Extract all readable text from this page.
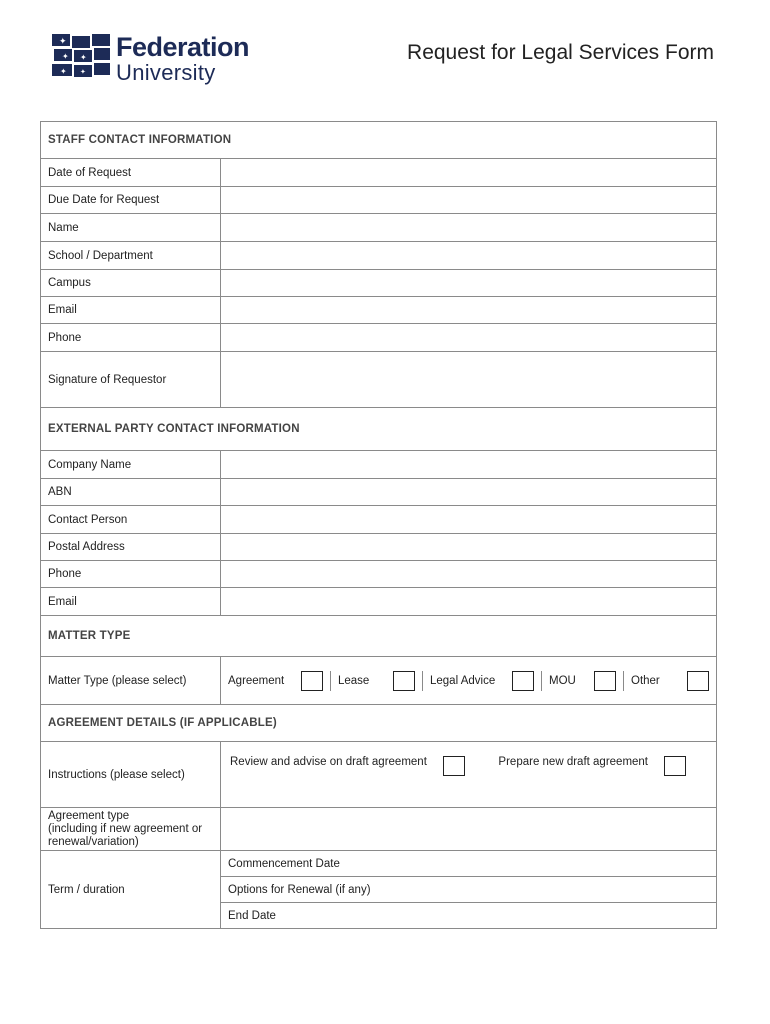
✦
✦ ✦
✦ ✦
Federation
University
Request for Legal Services Form
STAFF CONTACT INFORMATION	
Date of Request	
Due Date for Request	
Name	
School / Department	
Campus	
Email	
Phone	
Signature of Requestor	
EXTERNAL PARTY CONTACT INFORMATION	
Company Name	
ABN	
Contact Person	
Postal Address	
Phone	
Email	
MATTER TYPE	
Matter Type (please select)	Agreement Lease Legal Advice MOU Other

AGREEMENT DETAILS (IF APPLICABLE)	
Instructions (please select)	Review and advise on draft agreement Prepare new draft agreement

Agreement type
(including if new agreement or
renewal/variation)	

Term / duration	Commencement Date
	Options for Renewal (if any)
	End Date
